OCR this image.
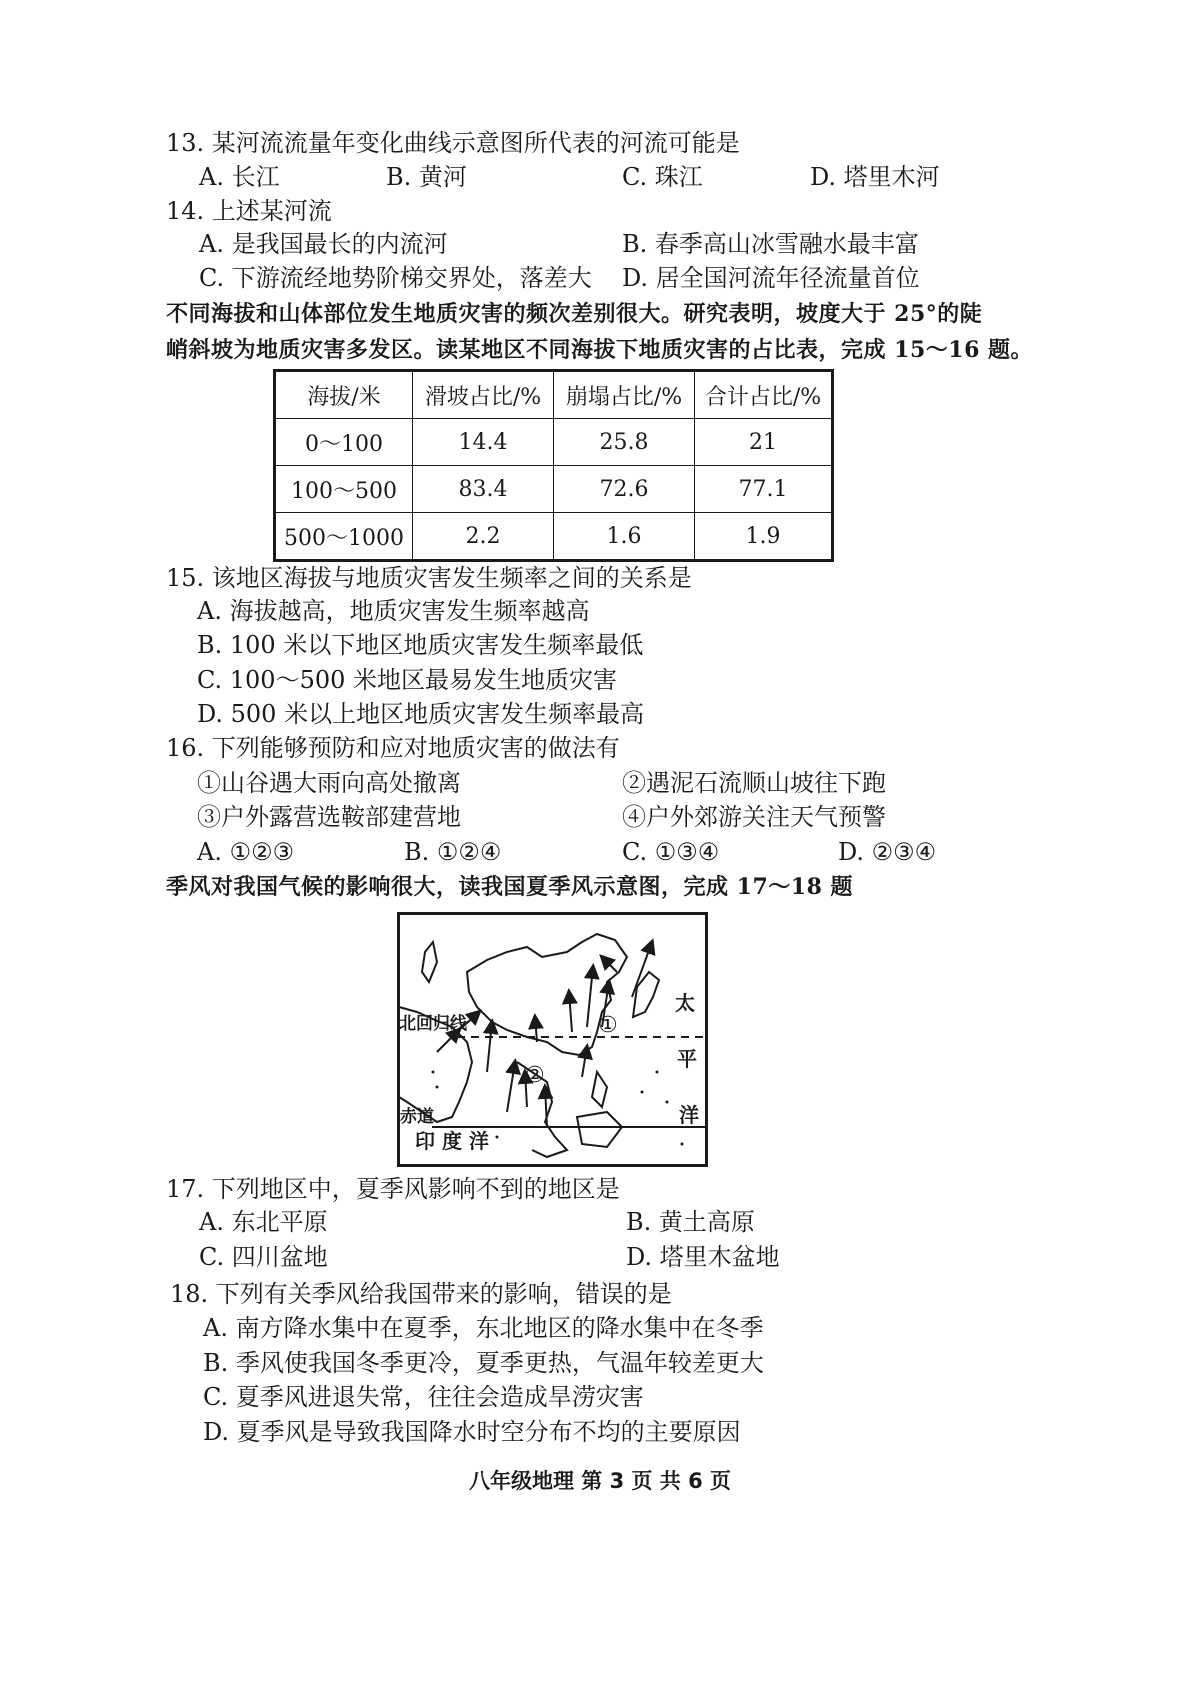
13. 某河流流量年变化曲线示意图所代表的河流可能是
A. 长江	B. 黄河	C. 珠江	D. 塔里木河
14. 上述某河流
A. 是我国最长的内流河	B. 春季高山冰雪融水最丰富
C. 下游流经地势阶梯交界处，落差大 D. 居全国河流年径流量首位
不同海拔和山体部位发生地质灾害的频次差别很大。研究表明，坡度大于 25°的陡
峭斜坡为地质灾害多发区。读某地区不同海拔下地质灾害的占比表，完成 15～16 题。
海拔/米	滑坡占比/%	崩塌占比/%	合计占比/%
0～100	14.4	25.8	21
100～500	83.4	72.6	77.1
500～1000	2.2	1.6	1.9
15. 该地区海拔与地质灾害发生频率之间的关系是
A. 海拔越高，地质灾害发生频率越高
B. 100 米以下地区地质灾害发生频率最低
C. 100～500 米地区最易发生地质灾害
D. 500 米以上地区地质灾害发生频率最高
16. 下列能够预防和应对地质灾害的做法有
①山谷遇大雨向高处撤离	②遇泥石流顺山坡往下跑
③户外露营选鞍部建营地	④户外郊游关注天气预警
A. ①②③	B. ①②④	C. ①③④	D. ②③④
季风对我国气候的影响很大，读我国夏季风示意图，完成 17～18 题
北回归线
赤道
印 度 洋
太
平
洋
①
②
17. 下列地区中，夏季风影响不到的地区是
A. 东北平原	B. 黄土高原
C. 四川盆地	D. 塔里木盆地
18. 下列有关季风给我国带来的影响，错误的是
A. 南方降水集中在夏季，东北地区的降水集中在冬季
B. 季风使我国冬季更冷，夏季更热，气温年较差更大
C. 夏季风进退失常，往往会造成旱涝灾害
D. 夏季风是导致我国降水时空分布不均的主要原因
八年级地理 第 3 页 共 6 页
